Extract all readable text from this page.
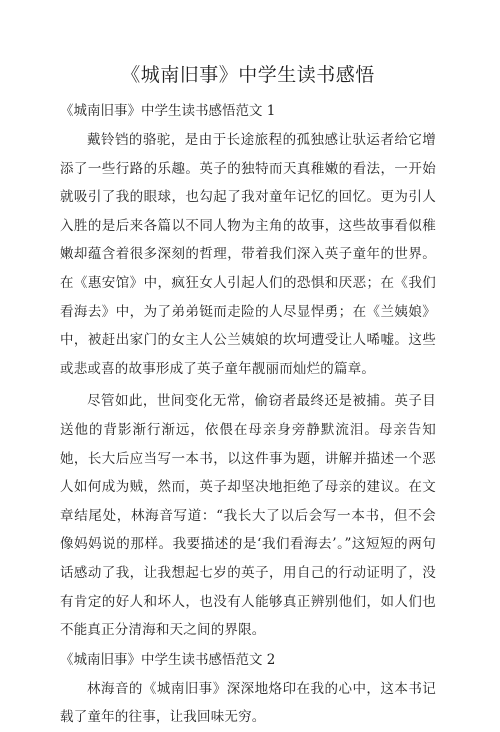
《城南旧事》中学生读书感悟
《城南旧事》中学生读书感悟范文 1

戴铃铛的骆驼，是由于长途旅程的孤独感让驮运者给它增添了一些行路的乐趣。英子的独特而天真稚嫩的看法，一开始就吸引了我的眼球，也勾起了我对童年记忆的回忆。更为引人入胜的是后来各篇以不同人物为主角的故事，这些故事看似稚嫩却蕴含着很多深刻的哲理，带着我们深入英子童年的世界。在《惠安馆》中，疯狂女人引起人们的恐惧和厌恶；在《我们看海去》中，为了弟弟铤而走险的人尽显悍勇；在《兰姨娘》中，被赶出家门的女主人公兰姨娘的坎坷遭受让人唏嘘。这些或悲或喜的故事形成了英子童年靓丽而灿烂的篇章。

尽管如此，世间变化无常，偷窃者最终还是被捕。英子目送他的背影渐行渐远，依偎在母亲身旁静默流泪。母亲告知她，长大后应当写一本书，以这件事为题，讲解并描述一个恶人如何成为贼，然而，英子却坚决地拒绝了母亲的建议。在文章结尾处，林海音写道：“我长大了以后会写一本书，但不会像妈妈说的那样。我要描述的是‘我们看海去’。”这短短的两句话感动了我，让我想起七岁的英子，用自己的行动证明了，没有肯定的好人和坏人，也没有人能够真正辨别他们，如人们也不能真正分清海和天之间的界限。

《城南旧事》中学生读书感悟范文 2

林海音的《城南旧事》深深地烙印在我的心中，这本书记载了童年的往事，让我回味无穷。
